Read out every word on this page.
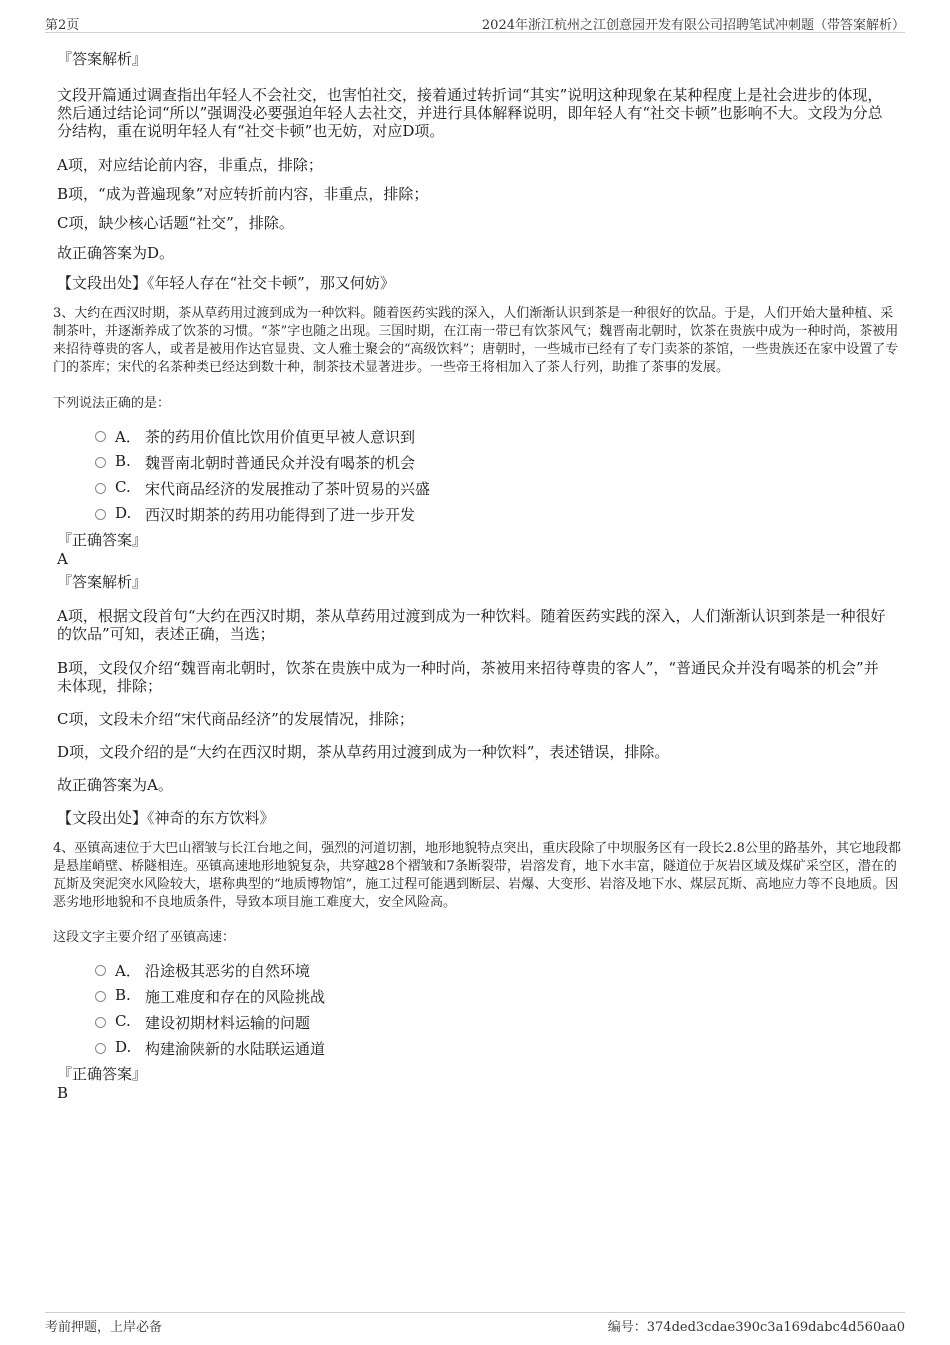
第2页	2024年浙江杭州之江创意园开发有限公司招聘笔试冲刺题（带答案解析）
『答案解析』
文段开篇通过调查指出年轻人不会社交，也害怕社交，接着通过转折词“其实”说明这种现象在某种程度上是社会进步的体现，然后通过结论词“所以”强调没必要强迫年轻人去社交，并进行具体解释说明，即年轻人有“社交卡顿”也影响不大。文段为分总分结构，重在说明年轻人有“社交卡顿”也无妨，对应D项。
A项，对应结论前内容，非重点，排除；
B项，“成为普遍现象”对应转折前内容，非重点，排除；
C项，缺少核心话题“社交”，排除。
故正确答案为D。
【文段出处】《年轻人存在“社交卡顿”，那又何妨》
3、大约在西汉时期，茶从草药用过渡到成为一种饮料。随着医药实践的深入，人们渐渐认识到茶是一种很好的饮品。于是，人们开始大量种植、采制茶叶，并逐渐养成了饮茶的习惯。“茶”字也随之出现。三国时期，在江南一带已有饮茶风气；魏晋南北朝时，饮茶在贵族中成为一种时尚，茶被用来招待尊贵的客人，或者是被用作达官显贵、文人雅士聚会的“高级饮料”；唐朝时，一些城市已经有了专门卖茶的茶馆，一些贵族还在家中设置了专门的茶库；宋代的名茶种类已经达到数十种，制茶技术显著进步。一些帝王将相加入了茶人行列，助推了茶事的发展。
下列说法正确的是：
A． 茶的药用价值比饮用价值更早被人意识到
B. 魏晋南北朝时普通民众并没有喝茶的机会
C. 宋代商品经济的发展推动了茶叶贸易的兴盛
D. 西汉时期茶的药用功能得到了进一步开发
『正确答案』
A
『答案解析』
A项，根据文段首句“大约在西汉时期，茶从草药用过渡到成为一种饮料。随着医药实践的深入，人们渐渐认识到茶是一种很好的饮品”可知，表述正确，当选；
B项，文段仅介绍“魏晋南北朝时，饮茶在贵族中成为一种时尚，茶被用来招待尊贵的客人”，“普通民众并没有喝茶的机会”并未体现，排除；
C项，文段未介绍“宋代商品经济”的发展情况，排除；
D项，文段介绍的是“大约在西汉时期，茶从草药用过渡到成为一种饮料”，表述错误，排除。
故正确答案为A。
【文段出处】《神奇的东方饮料》
4、巫镇高速位于大巴山褶皱与长江台地之间，强烈的河道切割，地形地貌特点突出，重庆段除了中坝服务区有一段长2.8公里的路基外，其它地段都是悬崖峭壁、桥隧相连。巫镇高速地形地貌复杂，共穿越28个褶皱和7条断裂带，岩溶发育，地下水丰富，隧道位于灰岩区域及煤矿采空区，潜在的瓦斯及突泥突水风险较大，堪称典型的“地质博物馆”，施工过程可能遇到断层、岩爆、大变形、岩溶及地下水、煤层瓦斯、高地应力等不良地质。因恶劣地形地貌和不良地质条件，导致本项目施工难度大，安全风险高。
这段文字主要介绍了巫镇高速：
A． 沿途极其恶劣的自然环境
B. 施工难度和存在的风险挑战
C. 建设初期材料运输的问题
D. 构建渝陕新的水陆联运通道
『正确答案』
B
考前押题，上岸必备	编号：374ded3cdae390c3a169dabc4d560aa0
